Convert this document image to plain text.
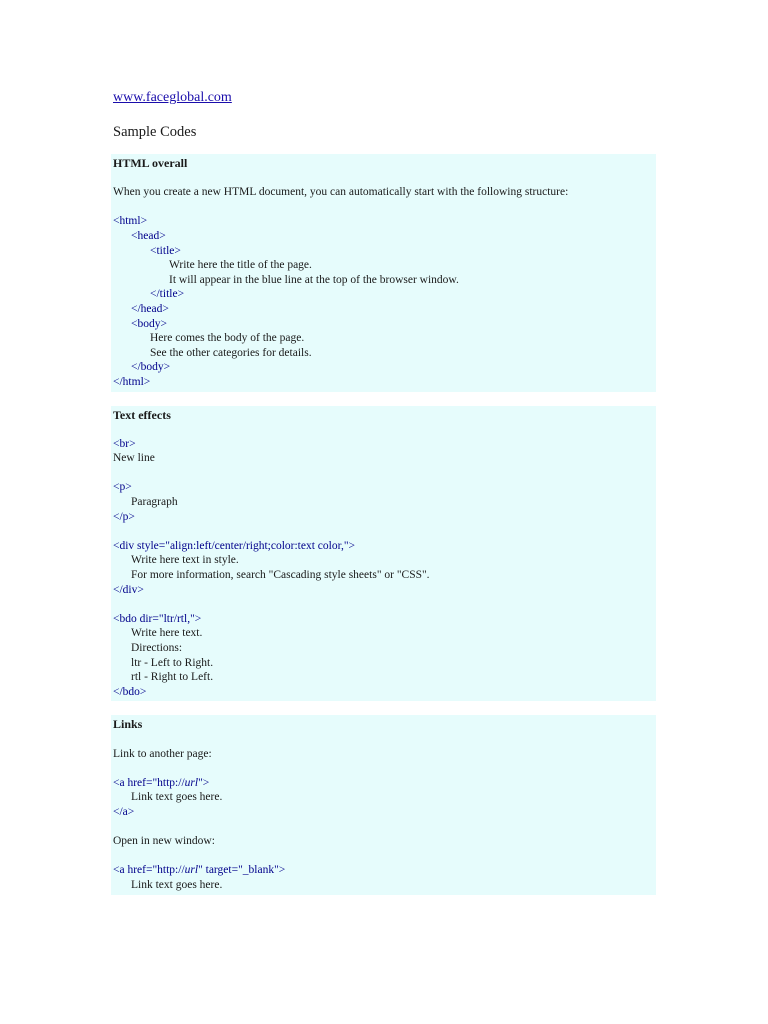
www.faceglobal.com
Sample Codes
HTML overall
When you create a new HTML document, you can automatically start with the following structure:
<html>
<head>
<title>
Write here the title of the page.
It will appear in the blue line at the top of the browser window.
</title>
</head>
<body>
Here comes the body of the page.
See the other categories for details.
</body>
</html>
Text effects
<br>
New line
<p>
Paragraph
</p>
<div style="align:left/center/right;color:text color,">
Write here text in style.
For more information, search "Cascading style sheets" or "CSS".
</div>
<bdo dir="ltr/rtl,">
Write here text.
Directions:
ltr - Left to Right.
rtl - Right to Left.
</bdo>
Links
Link to another page:
<a href="http://url">
Link text goes here.
</a>
Open in new window:
<a href="http://url" target="_blank">
Link text goes here.
